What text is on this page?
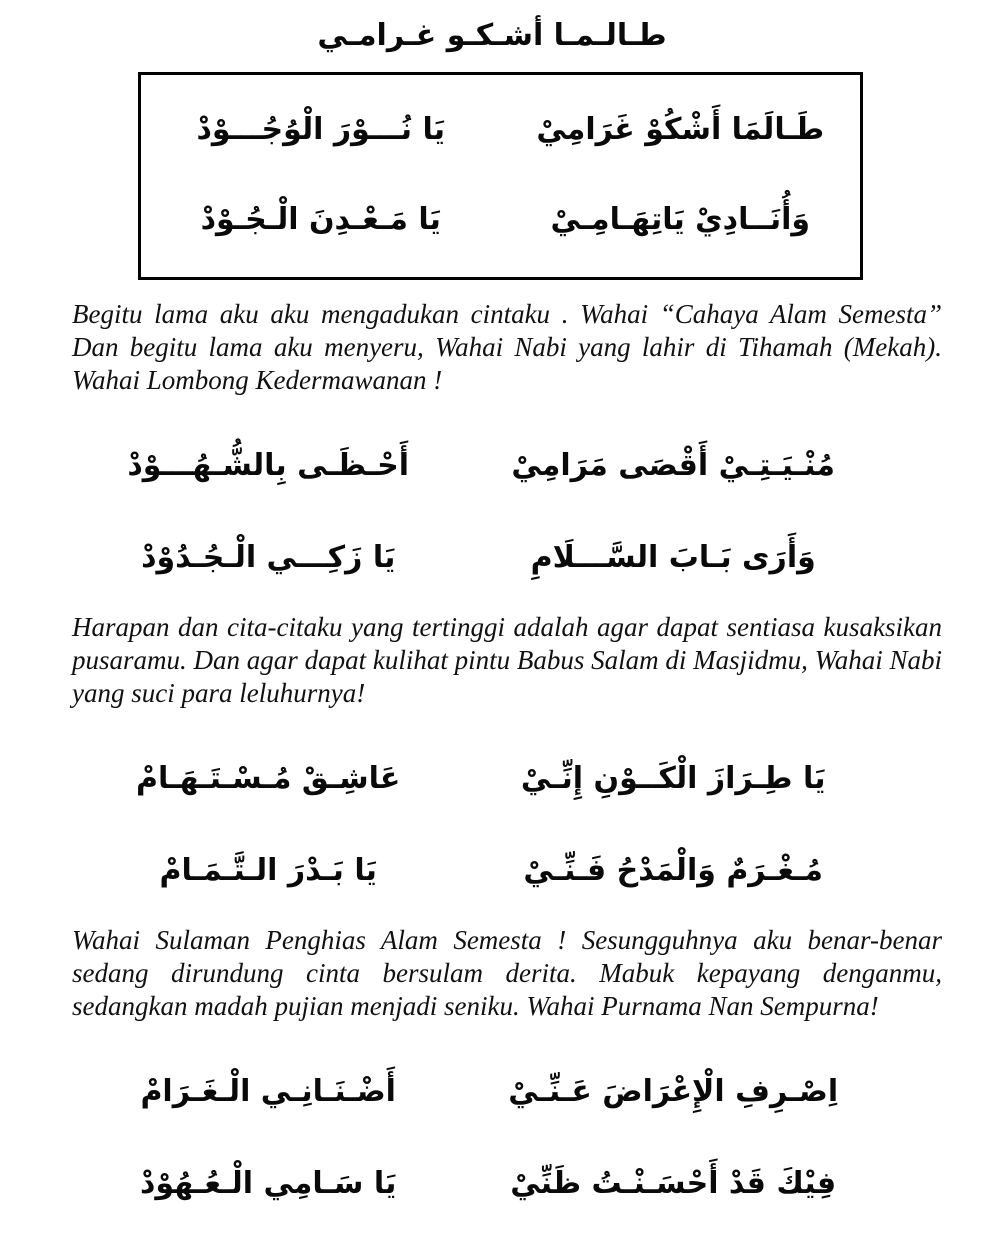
طـالـمـا أشـكـو غـرامـي
طَـالَمَا أَشْكُوْ غَرَامِيْ
يَا نُـــوْرَ الْوُجُـــوْدْ
وَأُنَــادِيْ يَاتِهَـامِـيْ
يَا مَـعْـدِنَ الْـجُـوْدْ

Begitu lama aku aku mengadukan cintaku . Wahai “Cahaya Alam Semesta” Dan begitu lama aku menyeru, Wahai Nabi yang lahir di Tihamah (Mekah). Wahai Lombong Kedermawanan !

مُنْـيَـتِـيْ أَقْصَى مَرَامِيْ
أَحْـظَـى بِالشُّـهُـــوْدْ
وَأَرَى بَـابَ السَّـــلَامِ
يَا زَكِـــي الْـجُـدُوْدْ

Harapan dan cita-citaku yang tertinggi adalah agar dapat sentiasa kusaksikan pusaramu. Dan agar dapat kulihat pintu Babus Salam di Masjidmu, Wahai Nabi yang suci para leluhurnya!

يَا طِـرَازَ الْكَــوْنِ إِنِّـيْ
عَاشِـقْ مُـسْـتَـهَـامْ
مُـغْـرَمٌ وَالْمَدْحُ فَـنِّـيْ
يَا بَـدْرَ الـتَّـمَـامْ

Wahai Sulaman Penghias Alam Semesta ! Sesungguhnya aku benar-benar sedang dirundung cinta bersulam derita. Mabuk kepayang denganmu, sedangkan madah pujian menjadi seniku. Wahai Purnama Nan Sempurna!

اِصْـرِفِ الْإِعْرَاضَ عَـنِّـيْ
أَضْـنَـانِـي الْـغَـرَامْ
فِيْكَ قَدْ أَحْسَـنْـتُ ظَنِّيْ
يَا سَـامِي الْـعُـهُوْدْ
